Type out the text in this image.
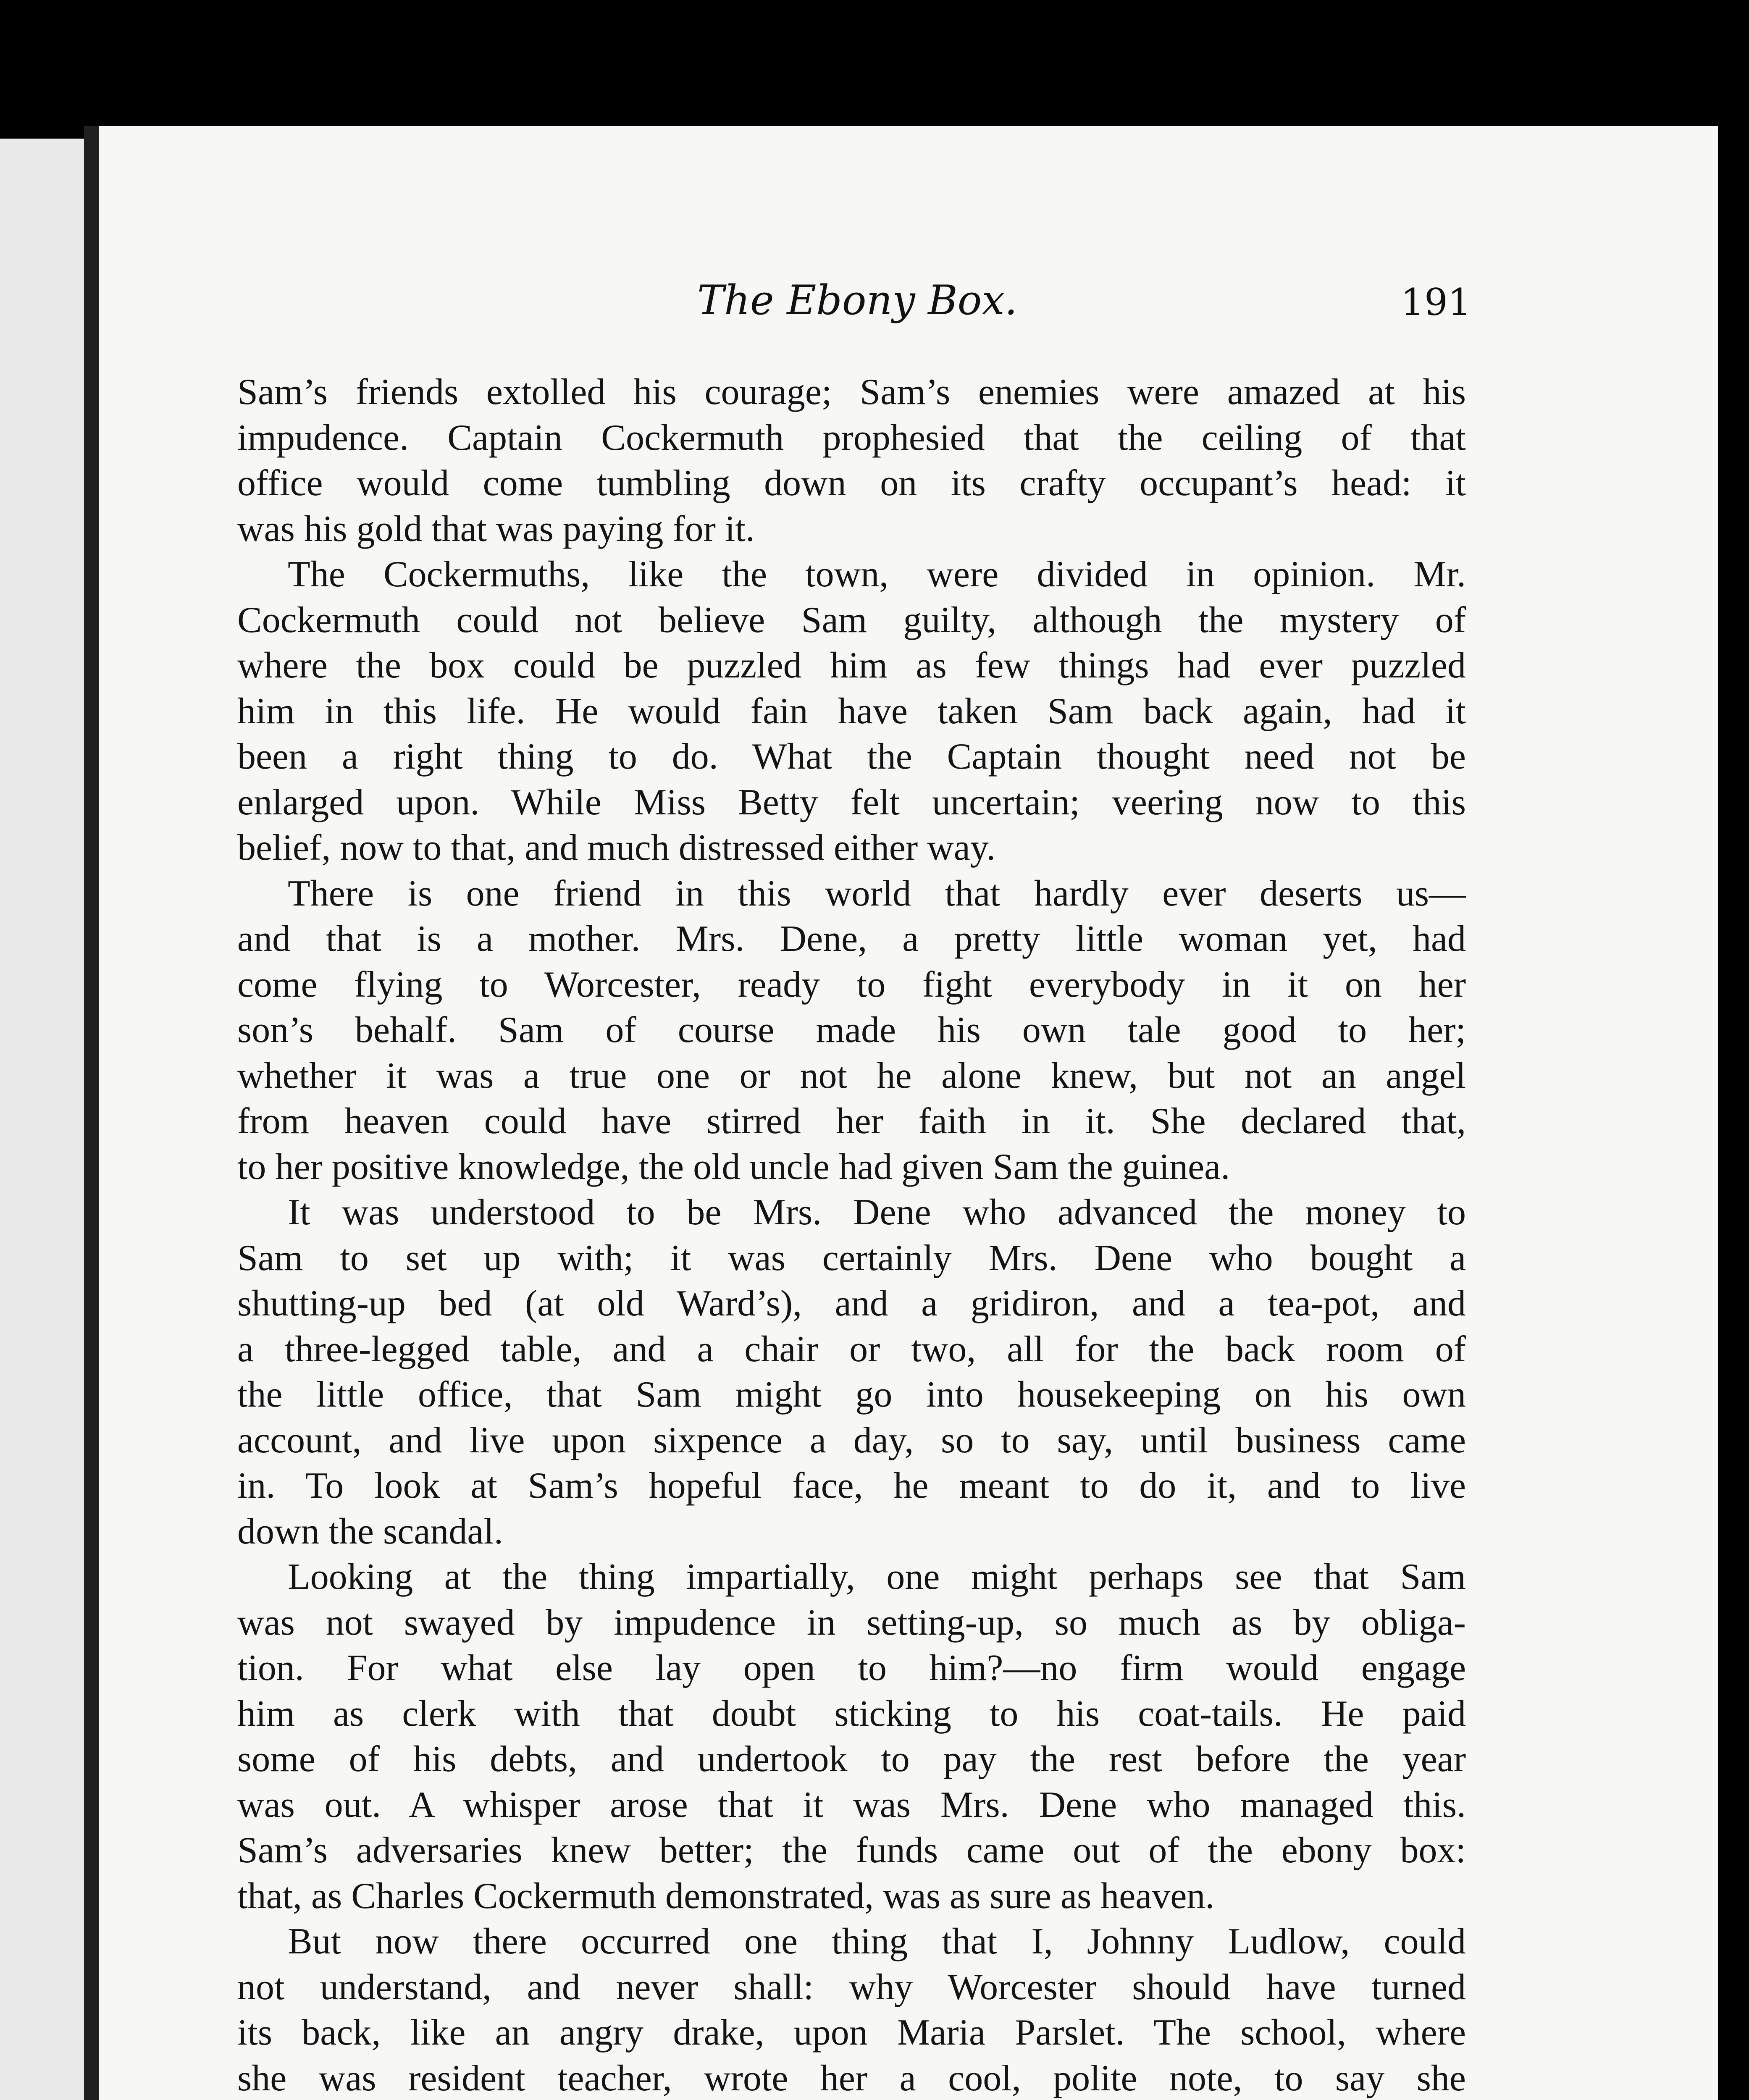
The Ebony Box.	191

Sam’s friends extolled his courage; Sam’s enemies were amazed at his

impudence. Captain Cockermuth prophesied that the ceiling of that

office would come tumbling down on its crafty occupant’s head: it

was his gold that was paying for it.

The Cockermuths, like the town, were divided in opinion. Mr.

Cockermuth could not believe Sam guilty, although the mystery of

where the box could be puzzled him as few things had ever puzzled

him in this life. He would fain have taken Sam back again, had it

been a right thing to do. What the Captain thought need not be

enlarged upon. While Miss Betty felt uncertain; veering now to this

belief, now to that, and much distressed either way.

There is one friend in this world that hardly ever deserts us—

and that is a mother. Mrs. Dene, a pretty little woman yet, had

come flying to Worcester, ready to fight everybody in it on her

son’s behalf. Sam of course made his own tale good to her;

whether it was a true one or not he alone knew, but not an angel

from heaven could have stirred her faith in it. She declared that,

to her positive knowledge, the old uncle had given Sam the guinea.

It was understood to be Mrs. Dene who advanced the money to

Sam to set up with; it was certainly Mrs. Dene who bought a

shutting-up bed (at old Ward’s), and a gridiron, and a tea-pot, and

a three-legged table, and a chair or two, all for the back room of

the little office, that Sam might go into housekeeping on his own

account, and live upon sixpence a day, so to say, until business came

in. To look at Sam’s hopeful face, he meant to do it, and to live

down the scandal.

Looking at the thing impartially, one might perhaps see that Sam

was not swayed by impudence in setting-up, so much as by obliga-

tion. For what else lay open to him?—no firm would engage

him as clerk with that doubt sticking to his coat-tails. He paid

some of his debts, and undertook to pay the rest before the year

was out. A whisper arose that it was Mrs. Dene who managed this.

Sam’s adversaries knew better; the funds came out of the ebony box:

that, as Charles Cockermuth demonstrated, was as sure as heaven.

But now there occurred one thing that I, Johnny Ludlow, could

not understand, and never shall: why Worcester should have turned

its back, like an angry drake, upon Maria Parslet. The school, where

she was resident teacher, wrote her a cool, polite note, to say she
